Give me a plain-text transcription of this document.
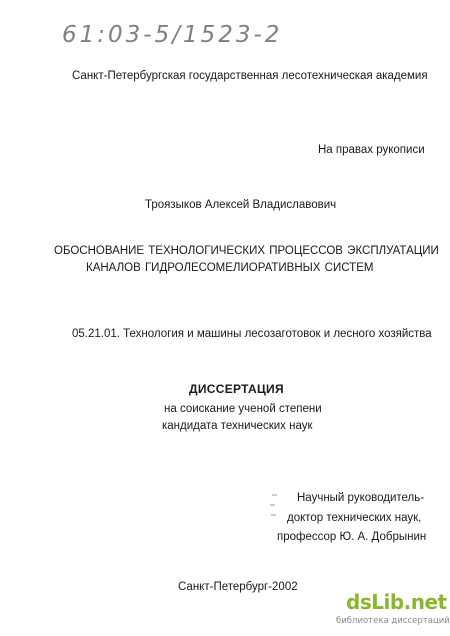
61:03-5/1523-2
Санкт-Петербургская государственная лесотехническая академия
На правах рукописи
Троязыков Алексей Владиславович
ОБОСНОВАНИЕ ТЕХНОЛОГИЧЕСКИХ ПРОЦЕССОВ ЭКСПЛУАТАЦИИ
КАНАЛОВ ГИДРОЛЕСОМЕЛИОРАТИВНЫХ СИСТЕМ
05.21.01. Технология и машины лесозаготовок и лесного хозяйства
ДИССЕРТАЦИЯ
на соискание ученой степени
кандидата технических наук
Научный руководитель-
доктор технических наук,
профессор Ю. А. Добрынин
Санкт-Петербург-2002
dsLib.net
библиотека диссертаций
